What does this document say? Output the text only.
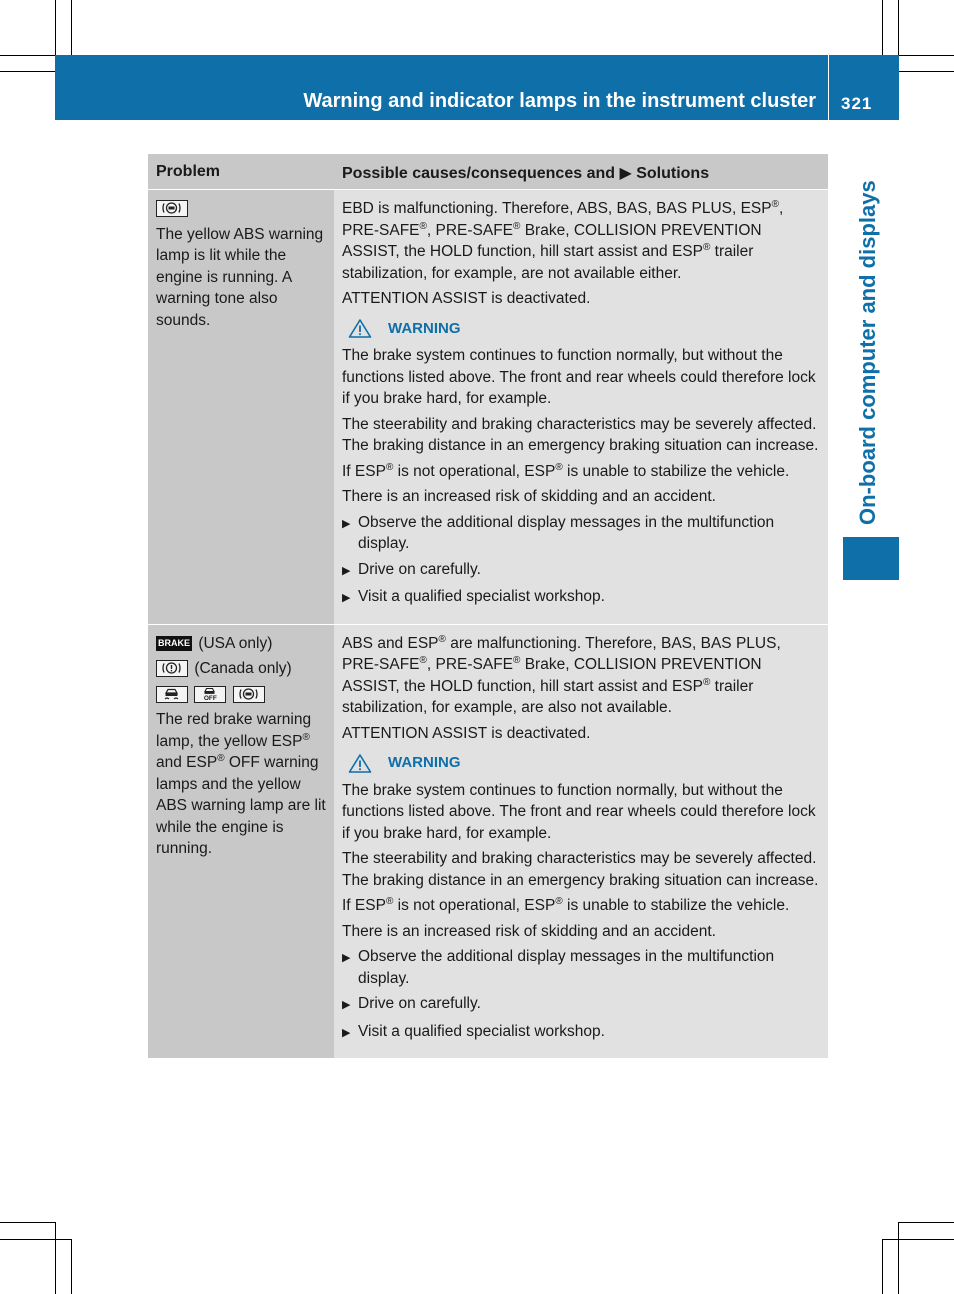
Warning and indicator lamps in the instrument cluster 321
On-board computer and displays
Problem	Possible causes/consequences and ▶ Solutions
The yellow ABS warning lamp is lit while the engine is running. A warning tone also sounds.

EBD is malfunctioning. Therefore, ABS, BAS, BAS PLUS, ESP®, PRE-SAFE®, PRE-SAFE® Brake, COLLISION PREVENTION ASSIST, the HOLD function, hill start assist and ESP® trailer stabilization, for example, are not available either.

ATTENTION ASSIST is deactivated.

WARNING

The brake system continues to function normally, but without the functions listed above. The front and rear wheels could therefore lock if you brake hard, for example.

The steerability and braking characteristics may be severely affected. The braking distance in an emergency braking situation can increase.

If ESP® is not operational, ESP® is unable to stabilize the vehicle.

There is an increased risk of skidding and an accident.

▶ Observe the additional display messages in the multifunction display.
▶ Drive on carefully.
▶ Visit a qualified specialist workshop.
BRAKE (USA only)
(Canada only)

OFF

The red brake warning lamp, the yellow ESP® and ESP® OFF warning lamps and the yellow ABS warning lamp are lit while the engine is running.

ABS and ESP® are malfunctioning. Therefore, BAS, BAS PLUS, PRE-SAFE®, PRE-SAFE® Brake, COLLISION PREVENTION ASSIST, the HOLD function, hill start assist and ESP® trailer stabilization, for example, are also not available.

ATTENTION ASSIST is deactivated.

WARNING

The brake system continues to function normally, but without the functions listed above. The front and rear wheels could therefore lock if you brake hard, for example.

The steerability and braking characteristics may be severely affected. The braking distance in an emergency braking situation can increase.

If ESP® is not operational, ESP® is unable to stabilize the vehicle.

There is an increased risk of skidding and an accident.

▶ Observe the additional display messages in the multifunction display.
▶ Drive on carefully.
▶ Visit a qualified specialist workshop.
